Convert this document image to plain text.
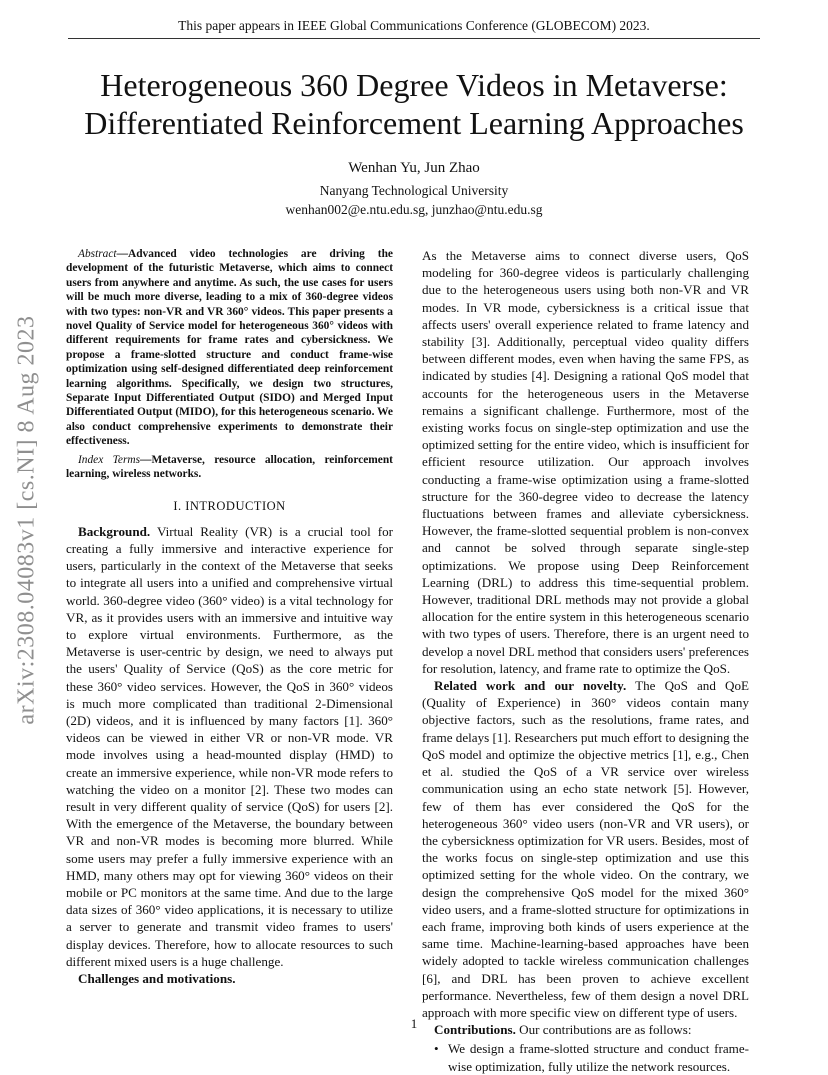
This paper appears in IEEE Global Communications Conference (GLOBECOM) 2023.
Heterogeneous 360 Degree Videos in Metaverse:
Differentiated Reinforcement Learning Approaches
Wenhan Yu, Jun Zhao
Nanyang Technological University
wenhan002@e.ntu.edu.sg, junzhao@ntu.edu.sg
arXiv:2308.04083v1 [cs.NI] 8 Aug 2023

Abstract—Advanced video technologies are driving the development of the futuristic Metaverse, which aims to connect users from anywhere and anytime. As such, the use cases for users will be much more diverse, leading to a mix of 360-degree videos with two types: non-VR and VR 360° videos. This paper presents a novel Quality of Service model for heterogeneous 360° videos with different requirements for frame rates and cybersickness. We propose a frame-slotted structure and conduct frame-wise optimization using self-designed differentiated deep reinforcement learning algorithms. Specifically, we design two structures, Separate Input Differentiated Output (SIDO) and Merged Input Differentiated Output (MIDO), for this heterogeneous scenario. We also conduct comprehensive experiments to demonstrate their effectiveness.

Index Terms—Metaverse, resource allocation, reinforcement learning, wireless networks.

I. INTRODUCTION

Background. Virtual Reality (VR) is a crucial tool for creating a fully immersive and interactive experience for users, particularly in the context of the Metaverse that seeks to integrate all users into a unified and comprehensive virtual world. 360-degree video (360° video) is a vital technology for VR, as it provides users with an immersive and intuitive way to explore virtual environments. Furthermore, as the Metaverse is user-centric by design, we need to always put the users' Quality of Service (QoS) as the core metric for these 360° video services. However, the QoS in 360° videos is much more complicated than traditional 2-Dimensional (2D) videos, and it is influenced by many factors [1]. 360° videos can be viewed in either VR or non-VR mode. VR mode involves using a head-mounted display (HMD) to create an immersive experience, while non-VR mode refers to watching the video on a monitor [2]. These two modes can result in very different quality of service (QoS) for users [2]. With the emergence of the Metaverse, the boundary between VR and non-VR modes is becoming more blurred. While some users may prefer a fully immersive experience with an HMD, many others may opt for viewing 360° videos on their mobile or PC monitors at the same time. And due to the large data sizes of 360° video applications, it is necessary to utilize a server to generate and transmit video frames to users' display devices. Therefore, how to allocate resources to such different mixed users is a huge challenge.

Challenges and motivations.

As the Metaverse aims to connect diverse users, QoS modeling for 360-degree videos is particularly challenging due to the heterogeneous users using both non-VR and VR modes. In VR mode, cybersickness is a critical issue that affects users' overall experience related to frame latency and stability [3]. Additionally, perceptual video quality differs between different modes, even when having the same FPS, as indicated by studies [4]. Designing a rational QoS model that accounts for the heterogeneous users in the Metaverse remains a significant challenge. Furthermore, most of the existing works focus on single-step optimization and use the optimized setting for the entire video, which is insufficient for efficient resource utilization. Our approach involves conducting a frame-wise optimization using a frame-slotted structure for the 360-degree video to decrease the latency fluctuations between frames and alleviate cybersickness. However, the frame-slotted sequential problem is non-convex and cannot be solved through separate single-step optimizations. We propose using Deep Reinforcement Learning (DRL) to address this time-sequential problem. However, traditional DRL methods may not provide a global allocation for the entire system in this heterogeneous scenario with two types of users. Therefore, there is an urgent need to develop a novel DRL method that considers users' preferences for resolution, latency, and frame rate to optimize the QoS.

Related work and our novelty. The QoS and QoE (Quality of Experience) in 360° videos contain many objective factors, such as the resolutions, frame rates, and frame delays [1]. Researchers put much effort to designing the QoS model and optimize the objective metrics [1], e.g., Chen et al. studied the QoS of a VR service over wireless communication using an echo state network [5]. However, few of them has ever considered the QoS for the heterogeneous 360° video users (non-VR and VR users), or the cybersickness optimization for VR users. Besides, most of the works focus on single-step optimization and use this optimized setting for the whole video. On the contrary, we design the comprehensive QoS model for the mixed 360° video users, and a frame-slotted structure for optimizations in each frame, improving both kinds of users experience at the same time. Machine-learning-based approaches have been widely adopted to tackle wireless communication challenges [6], and DRL has been proven to achieve excellent performance. Nevertheless, few of them design a novel DRL approach with more specific view on different type of users.

Contributions. Our contributions are as follows:

• We design a frame-slotted structure and conduct frame-wise optimization, fully utilize the network resources.
1
